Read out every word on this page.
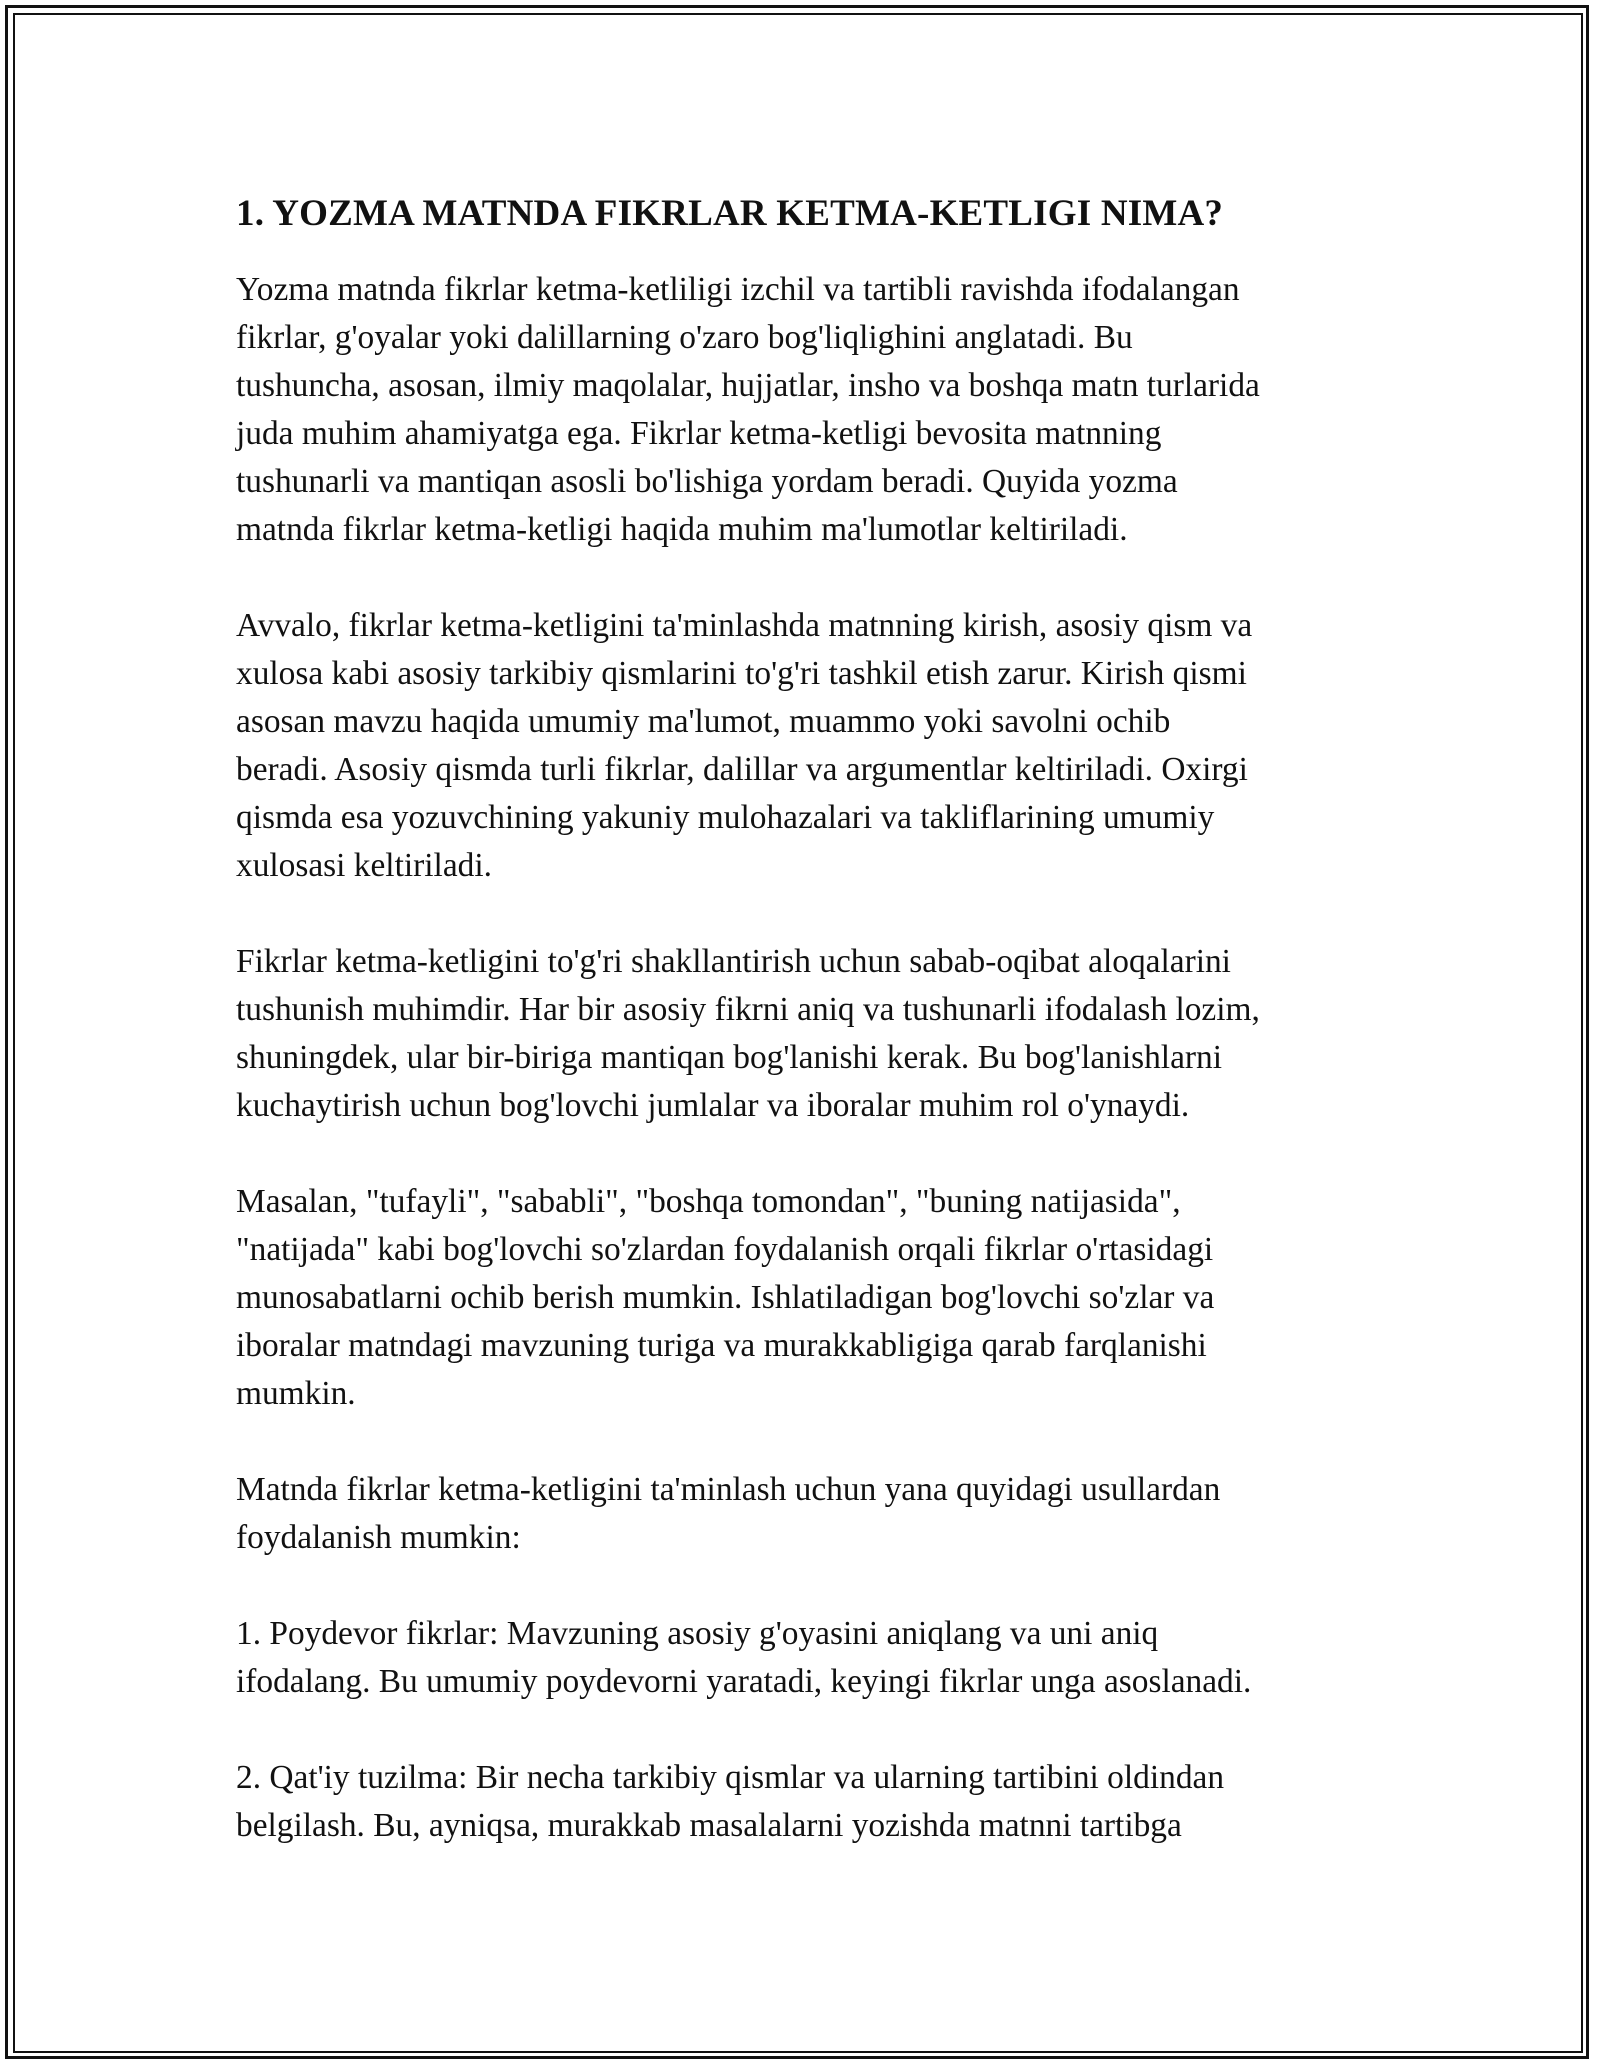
1. YOZMA MATNDA FIKRLAR KETMA-KETLIGI NIMA?

Yozma matnda fikrlar ketma-ketliligi izchil va tartibli ravishda ifodalangan
fikrlar, g'oyalar yoki dalillarning o'zaro bog'liqlighini anglatadi. Bu
tushuncha, asosan, ilmiy maqolalar, hujjatlar, insho va boshqa matn turlarida
juda muhim ahamiyatga ega. Fikrlar ketma-ketligi bevosita matnning
tushunarli va mantiqan asosli bo'lishiga yordam beradi. Quyida yozma
matnda fikrlar ketma-ketligi haqida muhim ma'lumotlar keltiriladi.

Avvalo, fikrlar ketma-ketligini ta'minlashda matnning kirish, asosiy qism va
xulosa kabi asosiy tarkibiy qismlarini to'g'ri tashkil etish zarur. Kirish qismi
asosan mavzu haqida umumiy ma'lumot, muammo yoki savolni ochib
beradi. Asosiy qismda turli fikrlar, dalillar va argumentlar keltiriladi. Oxirgi
qismda esa yozuvchining yakuniy mulohazalari va takliflarining umumiy
xulosasi keltiriladi.

Fikrlar ketma-ketligini to'g'ri shakllantirish uchun sabab-oqibat aloqalarini
tushunish muhimdir. Har bir asosiy fikrni aniq va tushunarli ifodalash lozim,
shuningdek, ular bir-biriga mantiqan bog'lanishi kerak. Bu bog'lanishlarni
kuchaytirish uchun bog'lovchi jumlalar va iboralar muhim rol o'ynaydi.

Masalan, "tufayli", "sababli", "boshqa tomondan", "buning natijasida",
"natijada" kabi bog'lovchi so'zlardan foydalanish orqali fikrlar o'rtasidagi
munosabatlarni ochib berish mumkin. Ishlatiladigan bog'lovchi so'zlar va
iboralar matndagi mavzuning turiga va murakkabligiga qarab farqlanishi
mumkin.

Matnda fikrlar ketma-ketligini ta'minlash uchun yana quyidagi usullardan
foydalanish mumkin:

1. Poydevor fikrlar: Mavzuning asosiy g'oyasini aniqlang va uni aniq
ifodalang. Bu umumiy poydevorni yaratadi, keyingi fikrlar unga asoslanadi.

2. Qat'iy tuzilma: Bir necha tarkibiy qismlar va ularning tartibini oldindan
belgilash. Bu, ayniqsa, murakkab masalalarni yozishda matnni tartibga
